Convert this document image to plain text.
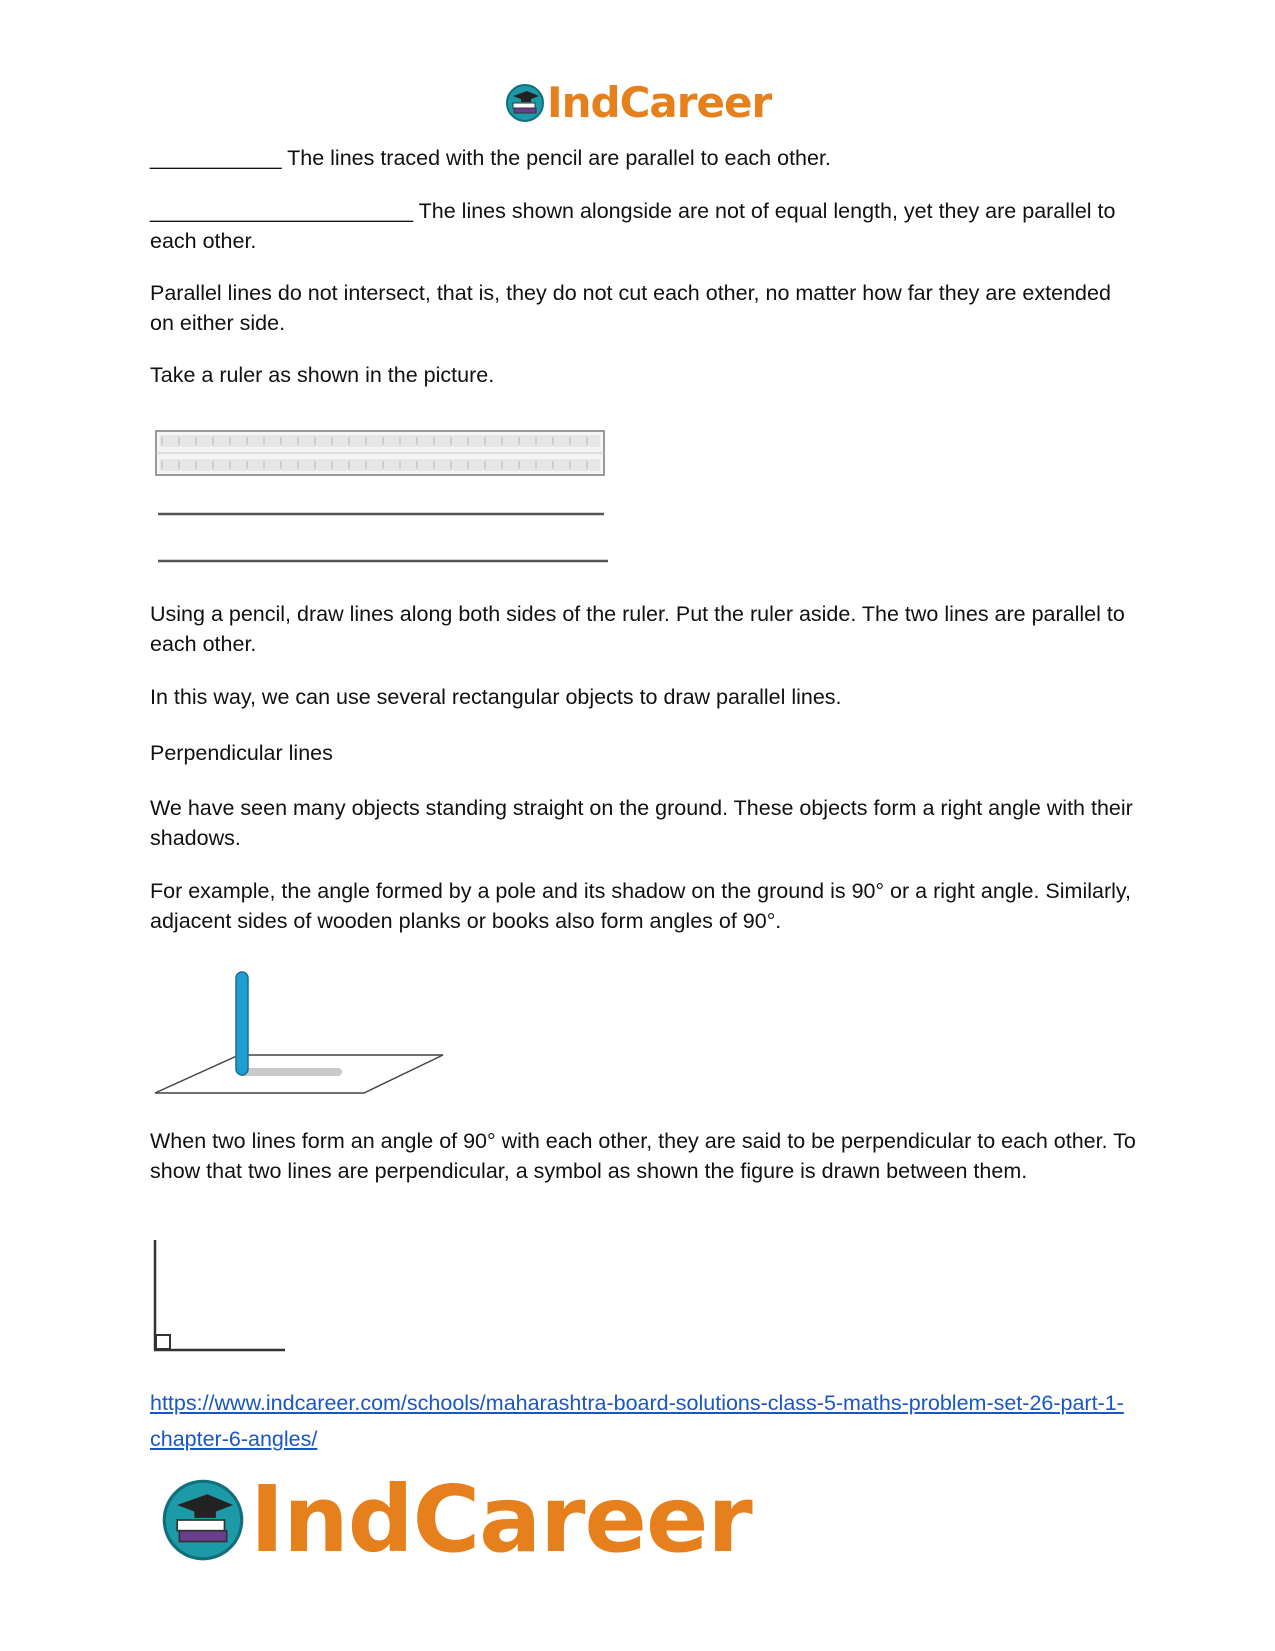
IndCareer

___________ The lines traced with the pencil are parallel to each other.

______________________ The lines shown alongside are not of equal length, yet they are parallel to each other.

Parallel lines do not intersect, that is, they do not cut each other, no matter how far they are extended on either side.

Take a ruler as shown in the picture.

Using a pencil, draw lines along both sides of the ruler. Put the ruler aside. The two lines are parallel to each other.

In this way, we can use several rectangular objects to draw parallel lines.

Perpendicular lines

We have seen many objects standing straight on the ground. These objects form a right angle with their shadows.

For example, the angle formed by a pole and its shadow on the ground is 90° or a right angle. Similarly, adjacent sides of wooden planks or books also form angles of 90°.

When two lines form an angle of 90° with each other, they are said to be perpendicular to each other. To show that two lines are perpendicular, a symbol as shown the figure is drawn between them.

https://www.indcareer.com/schools/maharashtra-board-solutions-class-5-maths-problem-set-26-part-1-chapter-6-angles/
IndCareer
